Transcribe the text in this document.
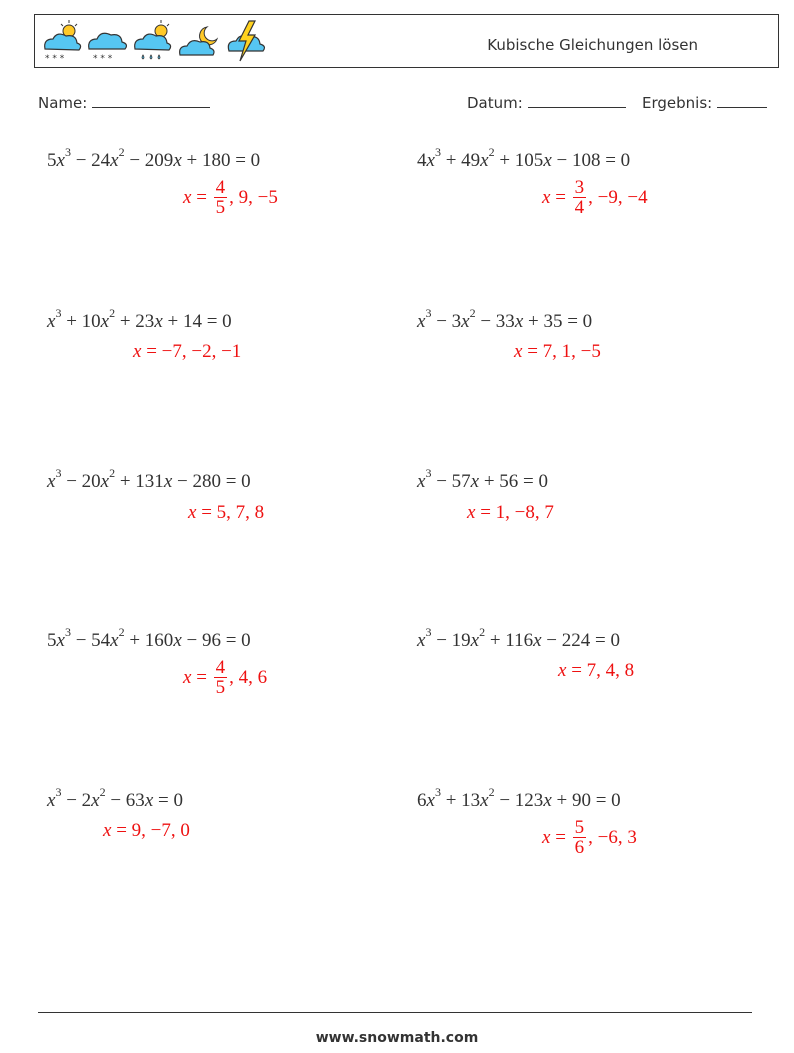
* * *	* * *
Kubische Gleichungen lösen
Name:	Datum:	Ergebnis:
$5x^3 - 24x^2 - 209x + 180 = 0$
$x = \frac{4}{5}$ , 9, −5
$4x^3 + 49x^2 + 105x - 108 = 0$
$x = \frac{3}{4}$ , −9, −4
$x^3 + 10x^2 + 23x + 14 = 0$
x = −7, −2, −1
$x^3 - 3x^2 - 33x + 35 = 0$
x = 7, 1, −5
$x^3 - 20x^2 + 131x - 280 = 0$
x = 5, 7, 8
$x^3 - 57x + 56 = 0$
x = 1, −8, 7
$5x^3 - 54x^2 + 160x - 96 = 0$
$x = \frac{4}{5}$ , 4, 6
$x^3 - 19x^2 + 116x - 224 = 0$
x = 7, 4, 8
$x^3 - 2x^2 - 63x = 0$
x = 9, −7, 0
$6x^3 + 13x^2 - 123x + 90 = 0$
$x = \frac{5}{6}$ , −6, 3
www.snowmath.com
